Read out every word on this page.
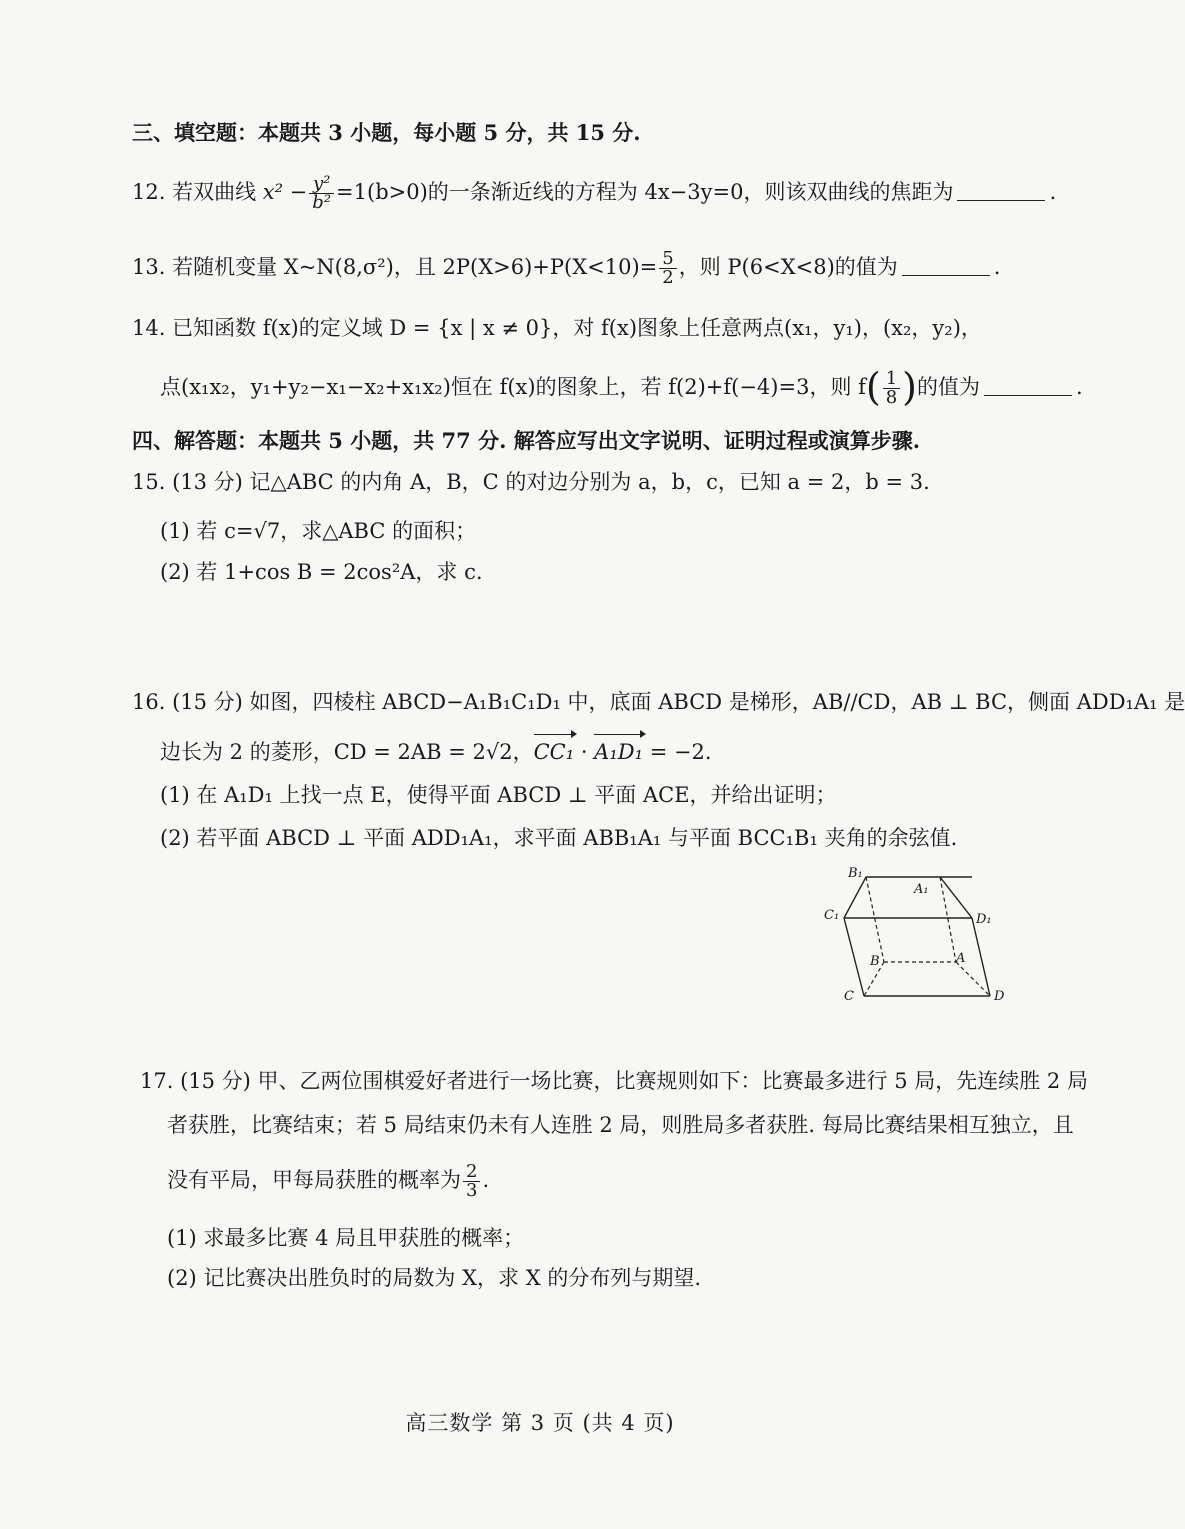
三、填空题：本题共 3 小题，每小题 5 分，共 15 分.
12. 若双曲线 $x^2 - \frac{\text{y²}}{\text{b²}} =1(b>0)$的一条渐近线的方程为 4x−3y=0，则该双曲线的焦距为	.
13. 若随机变量 X~N(8,σ²)，且 $2P(X>6)+P(X<10)= \frac{5}{2}$ ，则 P(6<X<8)的值为	.
14. 已知函数 f(x)的定义域 D = {x | x ≠ 0}，对 f(x)图象上任意两点(x₁，y₁)，(x₂，y₂)，
点(x₁x₂，y₁+y₂−x₁−x₂+x₁x₂)恒在 f(x)的图象上，若 f(2)+f(−4)=3，则 $f( \frac{1}{8}$ )的值为	.
四、解答题：本题共 5 小题，共 77 分. 解答应写出文字说明、证明过程或演算步骤.
15. (13 分) 记△ABC 的内角 A，B，C 的对边分别为 a，b，c，已知 a = 2，b = 3.
(1) 若 c=√7，求△ABC 的面积；
(2) 若 1+cos B = 2cos²A，求 c.
16. (15 分) 如图，四棱柱 ABCD−A₁B₁C₁D₁ 中，底面 ABCD 是梯形，AB//CD，AB ⊥ BC，侧面 ADD₁A₁ 是
边长为 2 的菱形，CD = 2AB = 2√2，CC₁ · A₁D₁ = −2.
(1) 在 A₁D₁ 上找一点 E，使得平面 ABCD ⊥ 平面 ACE，并给出证明；
(2) 若平面 ABCD ⊥ 平面 ADD₁A₁，求平面 ABB₁A₁ 与平面 BCC₁B₁ 夹角的余弦值.
B₁
A₁
C₁	D₁
B	A
C	D
17. (15 分) 甲、乙两位围棋爱好者进行一场比赛，比赛规则如下：比赛最多进行 5 局，先连续胜 2 局
者获胜，比赛结束；若 5 局结束仍未有人连胜 2 局，则胜局多者获胜. 每局比赛结果相互独立，且
没有平局，甲每局获胜的概率为 $\frac{2}{3}$ .
(1) 求最多比赛 4 局且甲获胜的概率；
(2) 记比赛决出胜负时的局数为 X，求 X 的分布列与期望.
高三数学 第 3 页 (共 4 页)
